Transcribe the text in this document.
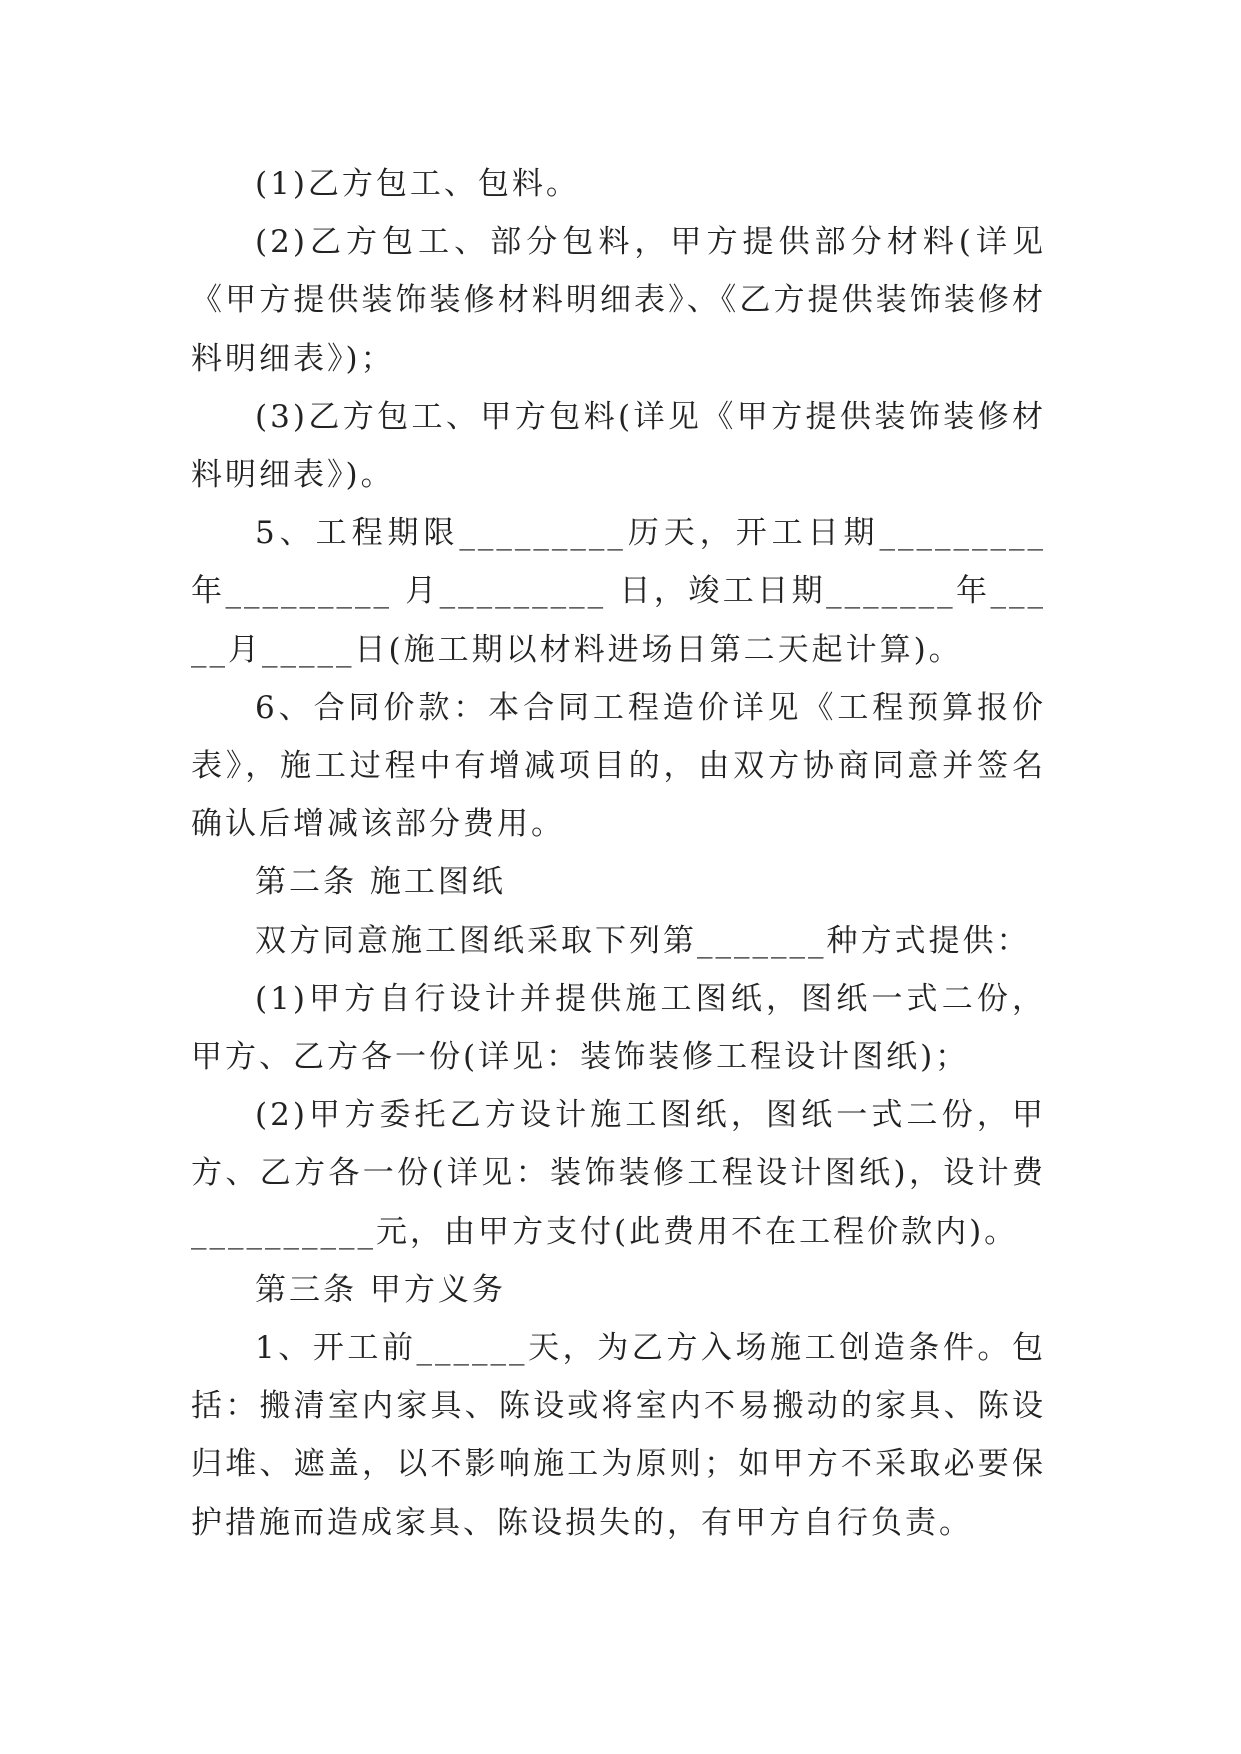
(1)乙方包工、包料。

(2)乙方包工、部分包料，甲方提供部分材料(详见《甲方提供装饰装修材料明细表》、《乙方提供装饰装修材料明细表》)；

(3)乙方包工、甲方包料(详见《甲方提供装饰装修材料明细表》)。

5、工程期限_________历天，开工日期_________年_________ 月_________ 日，竣工日期_______年_____月_____日(施工期以材料进场日第二天起计算)。

6、合同价款：本合同工程造价详见《工程预算报价表》，施工过程中有增减项目的，由双方协商同意并签名确认后增减该部分费用。

第二条 施工图纸

双方同意施工图纸采取下列第_______种方式提供：

(1)甲方自行设计并提供施工图纸，图纸一式二份，甲方、乙方各一份(详见：装饰装修工程设计图纸)；

(2)甲方委托乙方设计施工图纸，图纸一式二份，甲方、乙方各一份(详见：装饰装修工程设计图纸)，设计费__________元，由甲方支付(此费用不在工程价款内)。

第三条 甲方义务

1、开工前______天，为乙方入场施工创造条件。包括：搬清室内家具、陈设或将室内不易搬动的家具、陈设归堆、遮盖，以不影响施工为原则；如甲方不采取必要保护措施而造成家具、陈设损失的，有甲方自行负责。
